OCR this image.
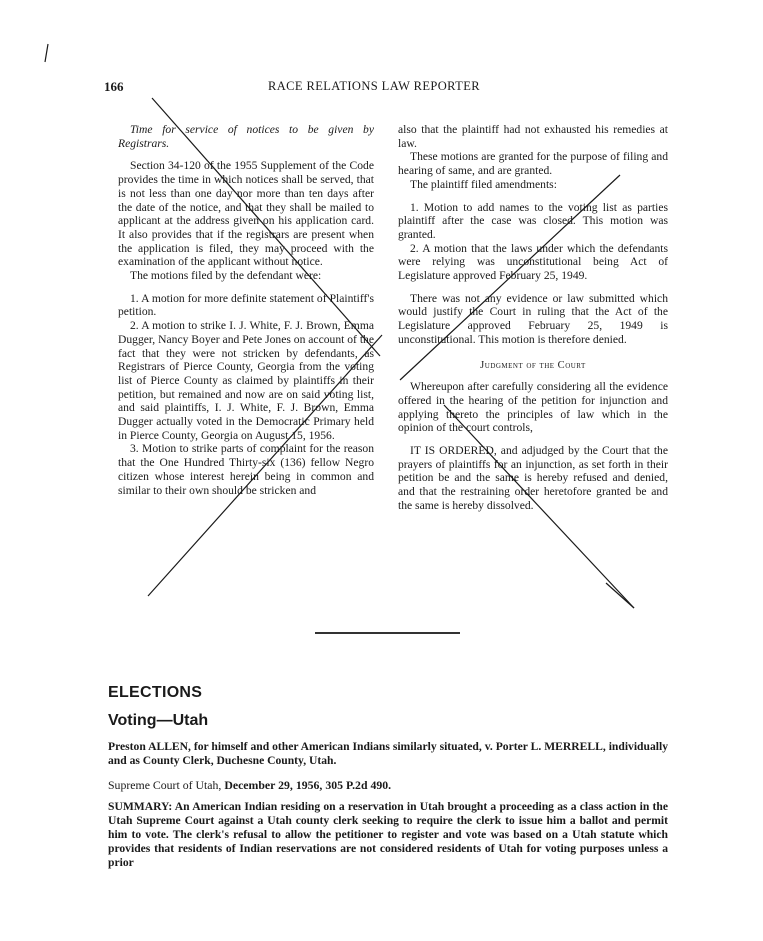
166	RACE RELATIONS LAW REPORTER

Time for service of notices to be given by Registrars.

Section 34-120 of the 1955 Supplement of the Code provides the time in which notices shall be served, that is not less than one day nor more than ten days after the date of the notice, and that they shall be mailed to applicant at the address given on his application card. It also provides that if the registrars are present when the application is filed, they may proceed with the examination of the applicant without notice.

The motions filed by the defendant were:

1. A motion for more definite statement of Plaintiff's petition.

2. A motion to strike I. J. White, F. J. Brown, Emma Dugger, Nancy Boyer and Pete Jones on account of the fact that they were not stricken by defendants, as Registrars of Pierce County, Georgia from the voting list of Pierce County as claimed by plaintiffs in their petition, but remained and now are on said voting list, and said plaintiffs, I. J. White, F. J. Brown, Emma Dugger actually voted in the Democratic Primary held in Pierce County, Georgia on August 15, 1956.

3. Motion to strike parts of complaint for the reason that the One Hundred Thirty-six (136) fellow Negro citizen whose interest herein being in common and similar to their own should be stricken and

also that the plaintiff had not exhausted his remedies at law.

These motions are granted for the purpose of filing and hearing of same, and are granted.

The plaintiff filed amendments:

1. Motion to add names to the voting list as parties plaintiff after the case was closed. This motion was granted.

2. A motion that the laws under which the defendants were relying was unconstitutional being Act of Legislature approved February 25, 1949.

There was not any evidence or law submitted which would justify the Court in ruling that the Act of the Legislature approved February 25, 1949 is unconstitutional. This motion is therefore denied.

Judgment of the Court

Whereupon after carefully considering all the evidence offered in the hearing of the petition for injunction and applying thereto the principles of law which in the opinion of the court controls,

IT IS ORDERED, and adjudged by the Court that the prayers of plaintiffs for an injunction, as set forth in their petition be and the same is hereby refused and denied, and that the restraining order heretofore granted be and the same is hereby dissolved.

ELECTIONS
Voting—Utah
Preston ALLEN, for himself and other American Indians similarly situated, v. Porter L. MERRELL, individually and as County Clerk, Duchesne County, Utah.
Supreme Court of Utah, December 29, 1956, 305 P.2d 490.
SUMMARY: An American Indian residing on a reservation in Utah brought a proceeding as a class action in the Utah Supreme Court against a Utah county clerk seeking to require the clerk to issue him a ballot and permit him to vote. The clerk's refusal to allow the petitioner to register and vote was based on a Utah statute which provides that residents of Indian reservations are not considered residents of Utah for voting purposes unless a prior
